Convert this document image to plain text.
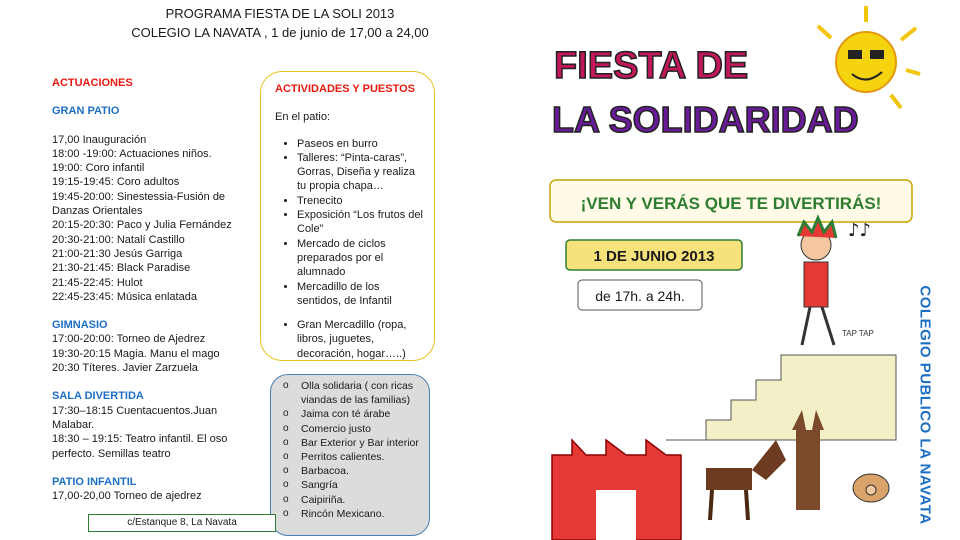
PROGRAMA FIESTA DE LA SOLI 2013
COLEGIO LA NAVATA , 1 de junio de 17,00 a 24,00
ACTUACIONES
GRAN PATIO
17,00 Inauguración
18:00 -19:00: Actuaciones niños.
19:00: Coro infantil
19:15-19:45: Coro adultos
19:45-20:00: Sinestessia-Fusión de Danzas Orientales
20:15-20:30: Paco y Julia Fernández
20:30-21:00: Natalí Castillo
21:00-21:30 Jesús Garriga
21:30-21:45: Black Paradise
21:45-22:45: Hulot
22:45-23:45: Música enlatada
GIMNASIO
17:00-20:00: Torneo de Ajedrez
19:30-20:15 Magia. Manu el mago
20:30 Títeres. Javier Zarzuela
SALA DIVERTIDA
17:30–18:15 Cuentacuentos.Juan Malabar.
18:30 – 19:15: Teatro infantil. El oso perfecto. Semillas teatro
PATIO INFANTIL
17,00-20,00 Torneo de ajedrez
ACTIVIDADES Y PUESTOS
En el patio:
• Paseos en burro
• Talleres: “Pinta-caras”, Gorras, Diseña y realiza tu propia chapa…
• Trenecito
• Exposición “Los frutos del Cole”
• Mercado de ciclos preparados por el alumnado
• Mercadillo de los sentidos, de Infantil
• Gran Mercadillo (ropa, libros, juguetes, decoración, hogar…..)
o Olla solidaria ( con ricas viandas de las familias)
o Jaima con té árabe
o Comercio justo
o Bar Exterior y Bar interior
o Perritos calientes.
o Barbacoa.
o Sangría
o Caipiriña.
o Rincón Mexicano.
c/Estanque 8, La Navata
FIESTA DE
LA SOLIDARIDAD
¡VEN Y VERÁS QUE TE DIVERTIRÁS!
1 DE JUNIO 2013
de 17h. a 24h.
TAP TAP
♪♪
COLEGIO PUBLICO LA NAVATA
